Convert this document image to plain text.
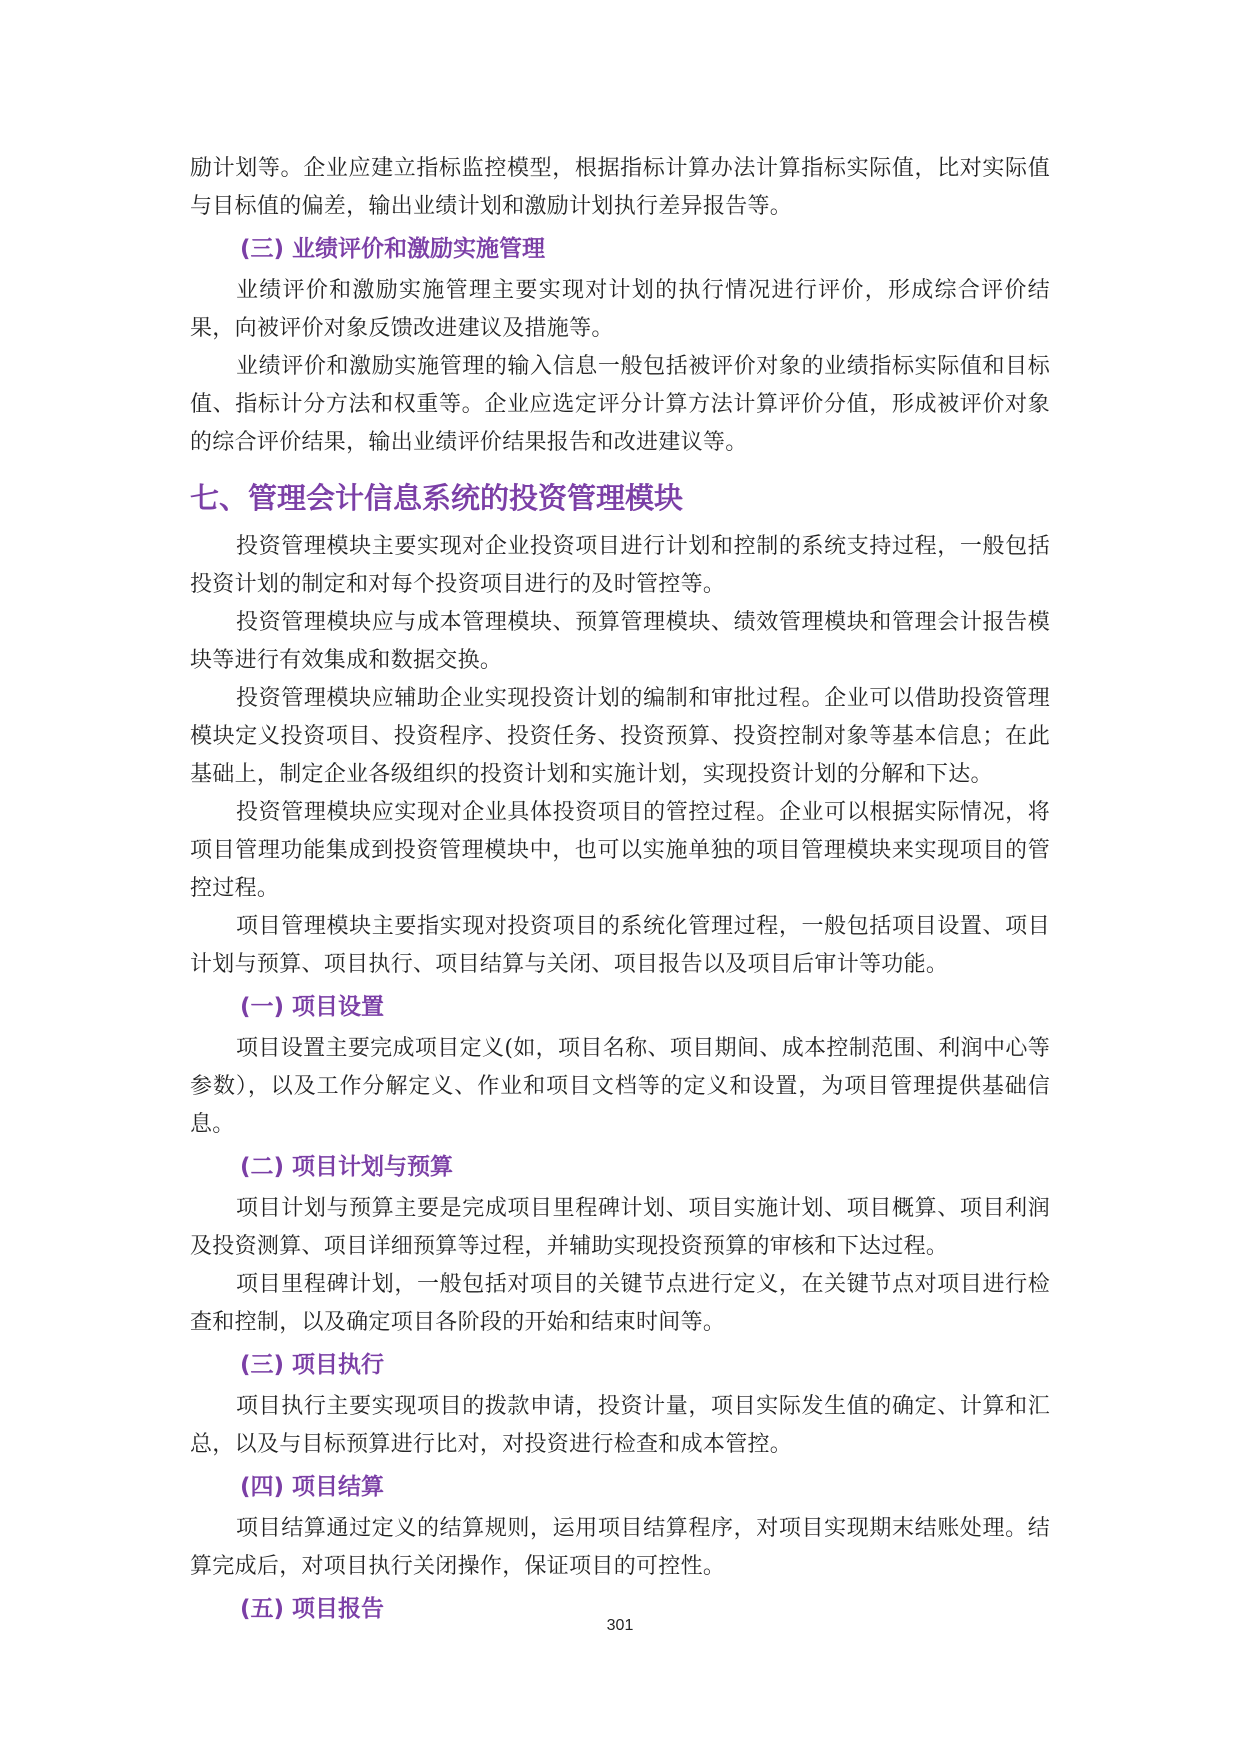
励计划等。企业应建立指标监控模型，根据指标计算办法计算指标实际值，比对实际值与目标值的偏差，输出业绩计划和激励计划执行差异报告等。

(三) 业绩评价和激励实施管理

业绩评价和激励实施管理主要实现对计划的执行情况进行评价，形成综合评价结果，向被评价对象反馈改进建议及措施等。

业绩评价和激励实施管理的输入信息一般包括被评价对象的业绩指标实际值和目标值、指标计分方法和权重等。企业应选定评分计算方法计算评价分值，形成被评价对象的综合评价结果，输出业绩评价结果报告和改进建议等。

七、管理会计信息系统的投资管理模块

投资管理模块主要实现对企业投资项目进行计划和控制的系统支持过程，一般包括投资计划的制定和对每个投资项目进行的及时管控等。

投资管理模块应与成本管理模块、预算管理模块、绩效管理模块和管理会计报告模块等进行有效集成和数据交换。

投资管理模块应辅助企业实现投资计划的编制和审批过程。企业可以借助投资管理模块定义投资项目、投资程序、投资任务、投资预算、投资控制对象等基本信息；在此基础上，制定企业各级组织的投资计划和实施计划，实现投资计划的分解和下达。

投资管理模块应实现对企业具体投资项目的管控过程。企业可以根据实际情况，将项目管理功能集成到投资管理模块中，也可以实施单独的项目管理模块来实现项目的管控过程。

项目管理模块主要指实现对投资项目的系统化管理过程，一般包括项目设置、项目计划与预算、项目执行、项目结算与关闭、项目报告以及项目后审计等功能。

(一) 项目设置

项目设置主要完成项目定义(如，项目名称、项目期间、成本控制范围、利润中心等参数），以及工作分解定义、作业和项目文档等的定义和设置，为项目管理提供基础信息。

(二) 项目计划与预算

项目计划与预算主要是完成项目里程碑计划、项目实施计划、项目概算、项目利润及投资测算、项目详细预算等过程，并辅助实现投资预算的审核和下达过程。

项目里程碑计划，一般包括对项目的关键节点进行定义，在关键节点对项目进行检查和控制，以及确定项目各阶段的开始和结束时间等。

(三) 项目执行

项目执行主要实现项目的拨款申请，投资计量，项目实际发生值的确定、计算和汇总，以及与目标预算进行比对，对投资进行检查和成本管控。

(四) 项目结算

项目结算通过定义的结算规则，运用项目结算程序，对项目实现期末结账处理。结算完成后，对项目执行关闭操作，保证项目的可控性。

(五) 项目报告
301
